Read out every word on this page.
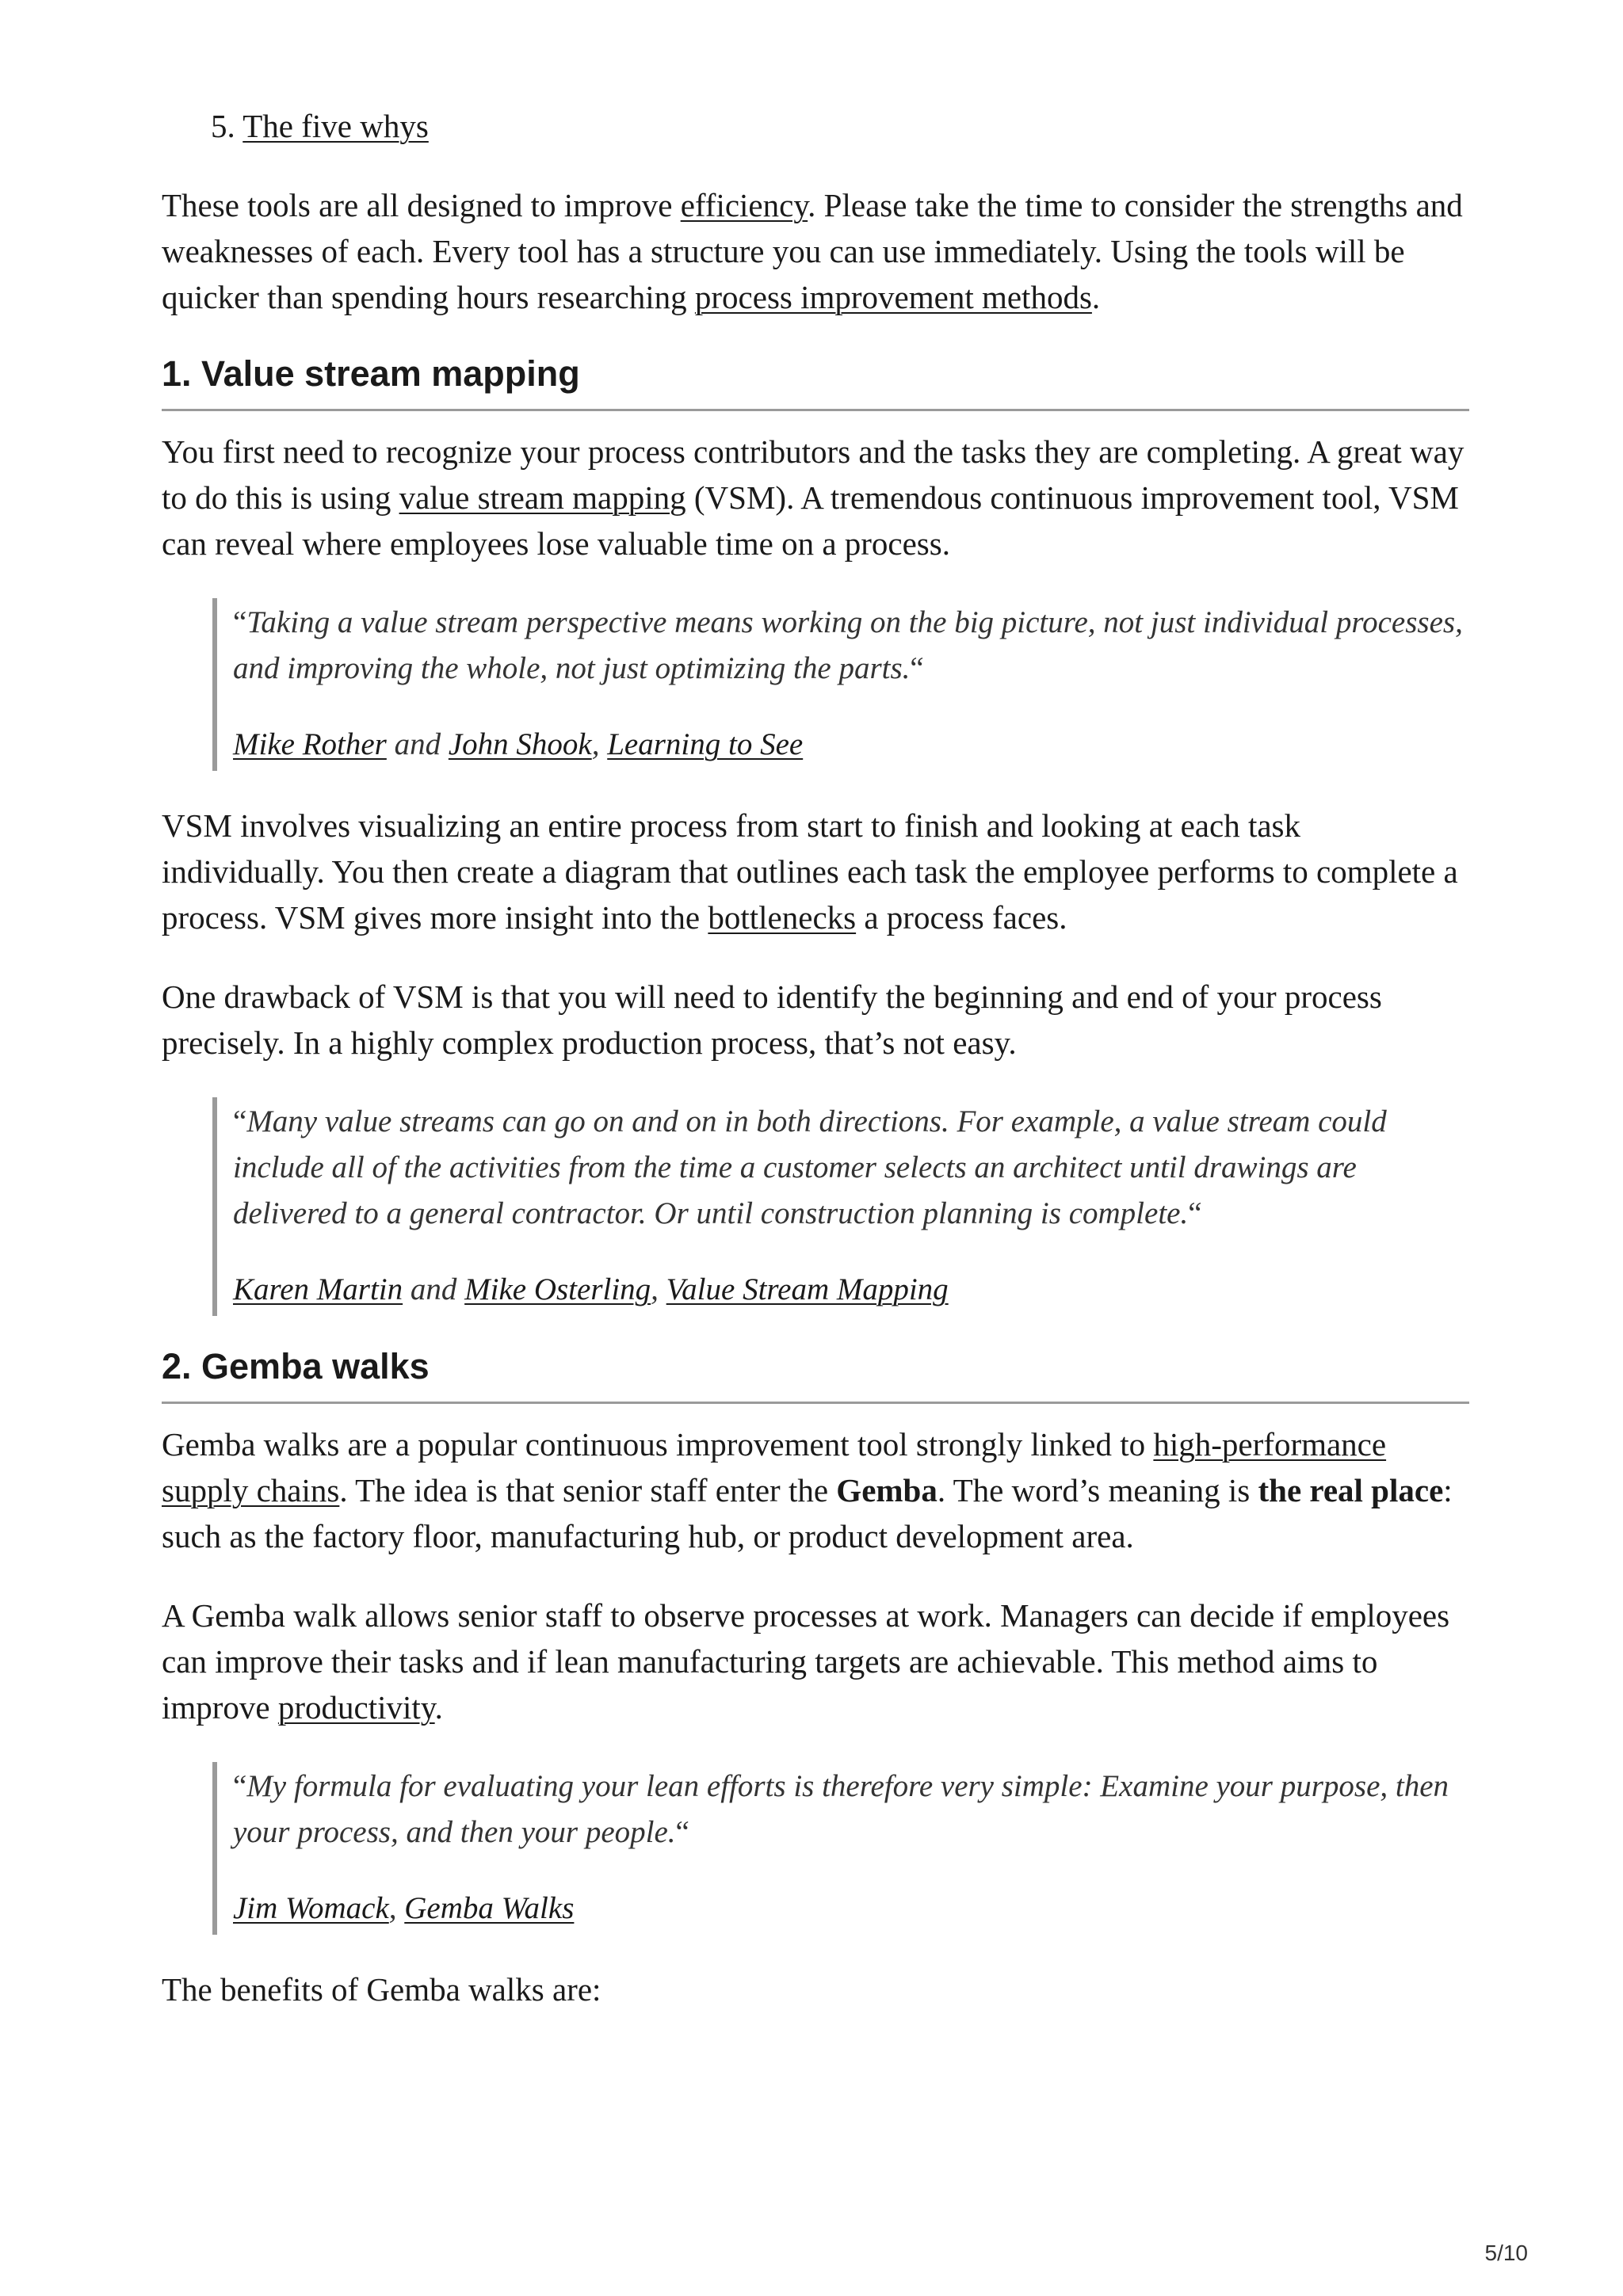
5. The five whys

These tools are all designed to improve efficiency. Please take the time to consider the strengths and weaknesses of each. Every tool has a structure you can use immediately. Using the tools will be quicker than spending hours researching process improvement methods.

1. Value stream mapping

You first need to recognize your process contributors and the tasks they are completing. A great way to do this is using value stream mapping (VSM). A tremendous continuous improvement tool, VSM can reveal where employees lose valuable time on a process.

“Taking a value stream perspective means working on the big picture, not just individual processes, and improving the whole, not just optimizing the parts.“

Mike Rother and John Shook, Learning to See

VSM involves visualizing an entire process from start to finish and looking at each task individually. You then create a diagram that outlines each task the employee performs to complete a process. VSM gives more insight into the bottlenecks a process faces.

One drawback of VSM is that you will need to identify the beginning and end of your process precisely. In a highly complex production process, that’s not easy.

“Many value streams can go on and on in both directions. For example, a value stream could include all of the activities from the time a customer selects an architect until drawings are delivered to a general contractor. Or until construction planning is complete.“

Karen Martin and Mike Osterling, Value Stream Mapping

2. Gemba walks

Gemba walks are a popular continuous improvement tool strongly linked to high-performance supply chains. The idea is that senior staff enter the Gemba. The word’s meaning is the real place: such as the factory floor, manufacturing hub, or product development area.

A Gemba walk allows senior staff to observe processes at work. Managers can decide if employees can improve their tasks and if lean manufacturing targets are achievable. This method aims to improve productivity.

“My formula for evaluating your lean efforts is therefore very simple: Examine your purpose, then your process, and then your people.“

Jim Womack, Gemba Walks

The benefits of Gemba walks are:

5/10
